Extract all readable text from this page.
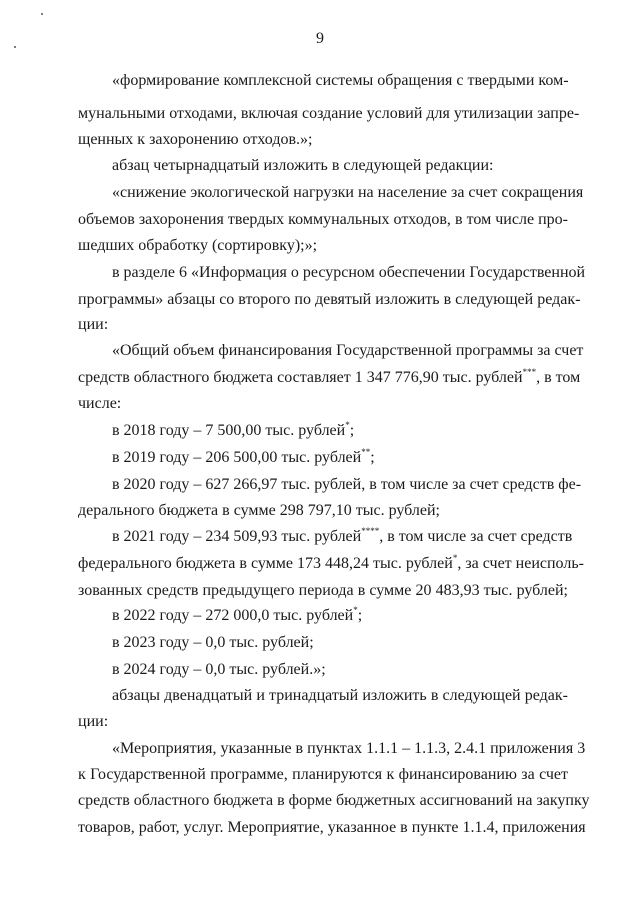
9
«формирование комплексной системы обращения с твердыми ком-
мунальными отходами, включая создание условий для утилизации запре-
щенных к захоронению отходов.»;
абзац четырнадцатый изложить в следующей редакции:
«снижение экологической нагрузки на население за счет сокращения
объемов захоронения твердых коммунальных отходов, в том числе про-
шедших обработку (сортировку);»;
в разделе 6 «Информация о ресурсном обеспечении Государственной
программы» абзацы со второго по девятый изложить в следующей редак-
ции:
«Общий объем финансирования Государственной программы за счет
средств областного бюджета составляет 1 347 776,90 тыс. рублей***, в том
числе:
в 2018 году – 7 500,00 тыс. рублей*;
в 2019 году – 206 500,00 тыс. рублей**;
в 2020 году – 627 266,97 тыс. рублей, в том числе за счет средств фе-
дерального бюджета в сумме 298 797,10 тыс. рублей;
в 2021 году – 234 509,93 тыс. рублей****, в том числе за счет средств
федерального бюджета в сумме 173 448,24 тыс. рублей*, за счет неисполь-
зованных средств предыдущего периода в сумме 20 483,93 тыс. рублей;
в 2022 году – 272 000,0 тыс. рублей*;
в 2023 году – 0,0 тыс. рублей;
в 2024 году – 0,0 тыс. рублей.»;
абзацы двенадцатый и тринадцатый изложить в следующей редак-
ции:
«Мероприятия, указанные в пунктах 1.1.1 – 1.1.3, 2.4.1 приложения 3
к Государственной программе, планируются к финансированию за счет
средств областного бюджета в форме бюджетных ассигнований на закупку
товаров, работ, услуг. Мероприятие, указанное в пункте 1.1.4, приложения
